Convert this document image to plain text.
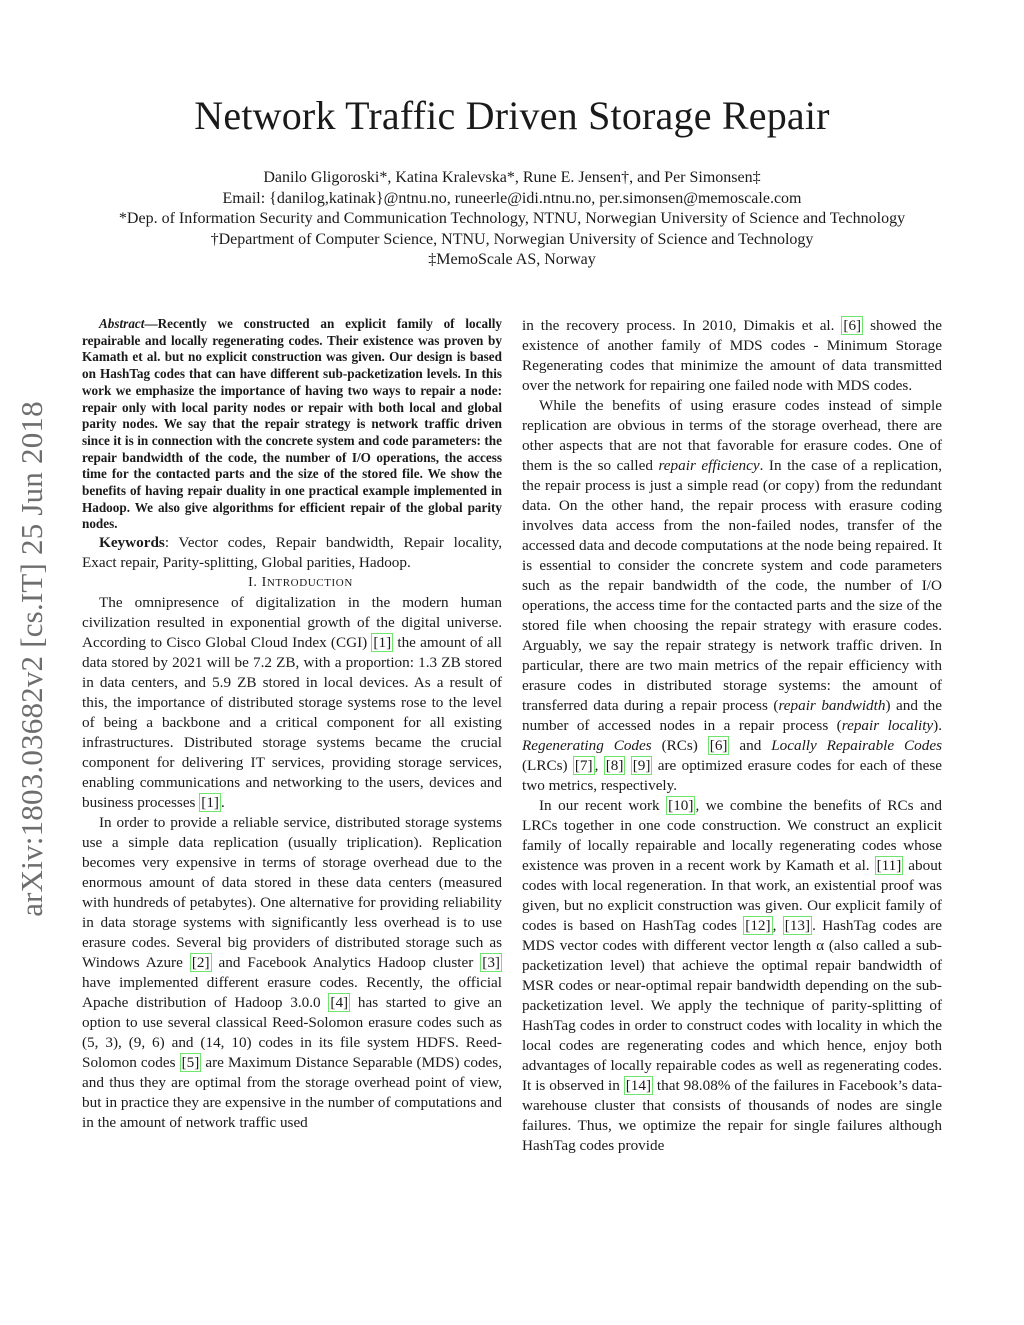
arXiv:1803.03682v2 [cs.IT] 25 Jun 2018
Network Traffic Driven Storage Repair
Danilo Gligoroski*, Katina Kralevska*, Rune E. Jensen†, and Per Simonsen‡
Email: {danilog,katinak}@ntnu.no, runeerle@idi.ntnu.no, per.simonsen@memoscale.com
*Dep. of Information Security and Communication Technology, NTNU, Norwegian University of Science and Technology
†Department of Computer Science, NTNU, Norwegian University of Science and Technology
‡MemoScale AS, Norway

Abstract—Recently we constructed an explicit family of locally repairable and locally regenerating codes. Their existence was proven by Kamath et al. but no explicit construction was given. Our design is based on HashTag codes that can have different sub-packetization levels. In this work we emphasize the importance of having two ways to repair a node: repair only with local parity nodes or repair with both local and global parity nodes. We say that the repair strategy is network traffic driven since it is in connection with the concrete system and code parameters: the repair bandwidth of the code, the number of I/O operations, the access time for the contacted parts and the size of the stored file. We show the benefits of having repair duality in one practical example implemented in Hadoop. We also give algorithms for efficient repair of the global parity nodes.

Keywords: Vector codes, Repair bandwidth, Repair locality, Exact repair, Parity-splitting, Global parities, Hadoop.

I. INTRODUCTION

The omnipresence of digitalization in the modern human civilization resulted in exponential growth of the digital universe. According to Cisco Global Cloud Index (CGI) [1] the amount of all data stored by 2021 will be 7.2 ZB, with a proportion: 1.3 ZB stored in data centers, and 5.9 ZB stored in local devices. As a result of this, the importance of distributed storage systems rose to the level of being a backbone and a critical component for all existing infrastructures. Distributed storage systems became the crucial component for delivering IT services, providing storage services, enabling communications and networking to the users, devices and business processes [1] .

In order to provide a reliable service, distributed storage systems use a simple data replication (usually triplication). Replication becomes very expensive in terms of storage overhead due to the enormous amount of data stored in these data centers (measured with hundreds of petabytes). One alternative for providing reliability in data storage systems with significantly less overhead is to use erasure codes. Several big providers of distributed storage such as Windows Azure [2] and Facebook Analytics Hadoop cluster [3] have implemented different erasure codes. Recently, the official Apache distribution of Hadoop 3.0.0 [4] has started to give an option to use several classical Reed-Solomon erasure codes such as (5, 3), (9, 6) and (14, 10) codes in its file system HDFS. Reed-Solomon codes [5] are Maximum Distance Separable (MDS) codes, and thus they are optimal from the storage overhead point of view, but in practice they are expensive in the number of computations and in the amount of network traffic used

in the recovery process. In 2010, Dimakis et al. [6] showed the existence of another family of MDS codes - Minimum Storage Regenerating codes that minimize the amount of data transmitted over the network for repairing one failed node with MDS codes.

While the benefits of using erasure codes instead of simple replication are obvious in terms of the storage overhead, there are other aspects that are not that favorable for erasure codes. One of them is the so called repair efficiency. In the case of a replication, the repair process is just a simple read (or copy) from the redundant data. On the other hand, the repair process with erasure coding involves data access from the non-failed nodes, transfer of the accessed data and decode computations at the node being repaired. It is essential to consider the concrete system and code parameters such as the repair bandwidth of the code, the number of I/O operations, the access time for the contacted parts and the size of the stored file when choosing the repair strategy with erasure codes. Arguably, we say the repair strategy is network traffic driven. In particular, there are two main metrics of the repair efficiency with erasure codes in distributed storage systems: the amount of transferred data during a repair process (repair bandwidth) and the number of accessed nodes in a repair process (repair locality). Regenerating Codes (RCs) [6] and Locally Repairable Codes (LRCs) [7] , [8] [9] are optimized erasure codes for each of these two metrics, respectively.

In our recent work [10] , we combine the benefits of RCs and LRCs together in one code construction. We construct an explicit family of locally repairable and locally regenerating codes whose existence was proven in a recent work by Kamath et al. [11] about codes with local regeneration. In that work, an existential proof was given, but no explicit construction was given. Our explicit family of codes is based on HashTag codes [12] , [13] . HashTag codes are MDS vector codes with different vector length α (also called a sub-packetization level) that achieve the optimal repair bandwidth of MSR codes or near-optimal repair bandwidth depending on the sub-packetization level. We apply the technique of parity-splitting of HashTag codes in order to construct codes with locality in which the local codes are regenerating codes and which hence, enjoy both advantages of locally repairable codes as well as regenerating codes. It is observed in [14] that 98.08% of the failures in Facebook’s data-warehouse cluster that consists of thousands of nodes are single failures. Thus, we optimize the repair for single failures although HashTag codes provide
